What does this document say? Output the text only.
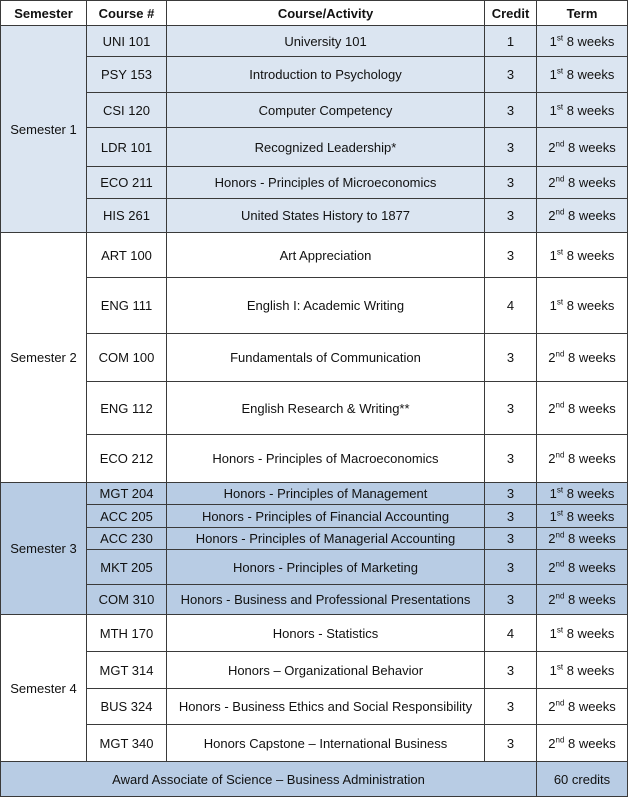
Semester	Course #	Course/Activity	Credit	Term
Semester 1	UNI 101	University 101	1	1st 8 weeks
	PSY 153	Introduction to Psychology	3	1st 8 weeks
	CSI 120	Computer Competency	3	1st 8 weeks
	LDR 101	Recognized Leadership*	3	2nd 8 weeks
	ECO 211	Honors - Principles of Microeconomics	3	2nd 8 weeks
	HIS 261	United States History to 1877	3	2nd 8 weeks
Semester 2	ART 100	Art Appreciation	3	1st 8 weeks
	ENG 111	English I: Academic Writing	4	1st 8 weeks
	COM 100	Fundamentals of Communication	3	2nd 8 weeks
	ENG 112	English Research & Writing**	3	2nd 8 weeks
	ECO 212	Honors - Principles of Macroeconomics	3	2nd 8 weeks
Semester 3	MGT 204	Honors - Principles of Management	3	1st 8 weeks
	ACC 205	Honors - Principles of Financial Accounting	3	1st 8 weeks
	ACC 230	Honors - Principles of Managerial Accounting	3	2nd 8 weeks
	MKT 205	Honors - Principles of Marketing	3	2nd 8 weeks
	COM 310	Honors - Business and Professional Presentations	3	2nd 8 weeks
Semester 4	MTH 170	Honors - Statistics	4	1st 8 weeks
	MGT 314	Honors – Organizational Behavior	3	1st 8 weeks
	BUS 324	Honors - Business Ethics and Social Responsibility	3	2nd 8 weeks
	MGT 340	Honors Capstone – International Business	3	2nd 8 weeks
Award Associate of Science – Business Administration				60 credits
